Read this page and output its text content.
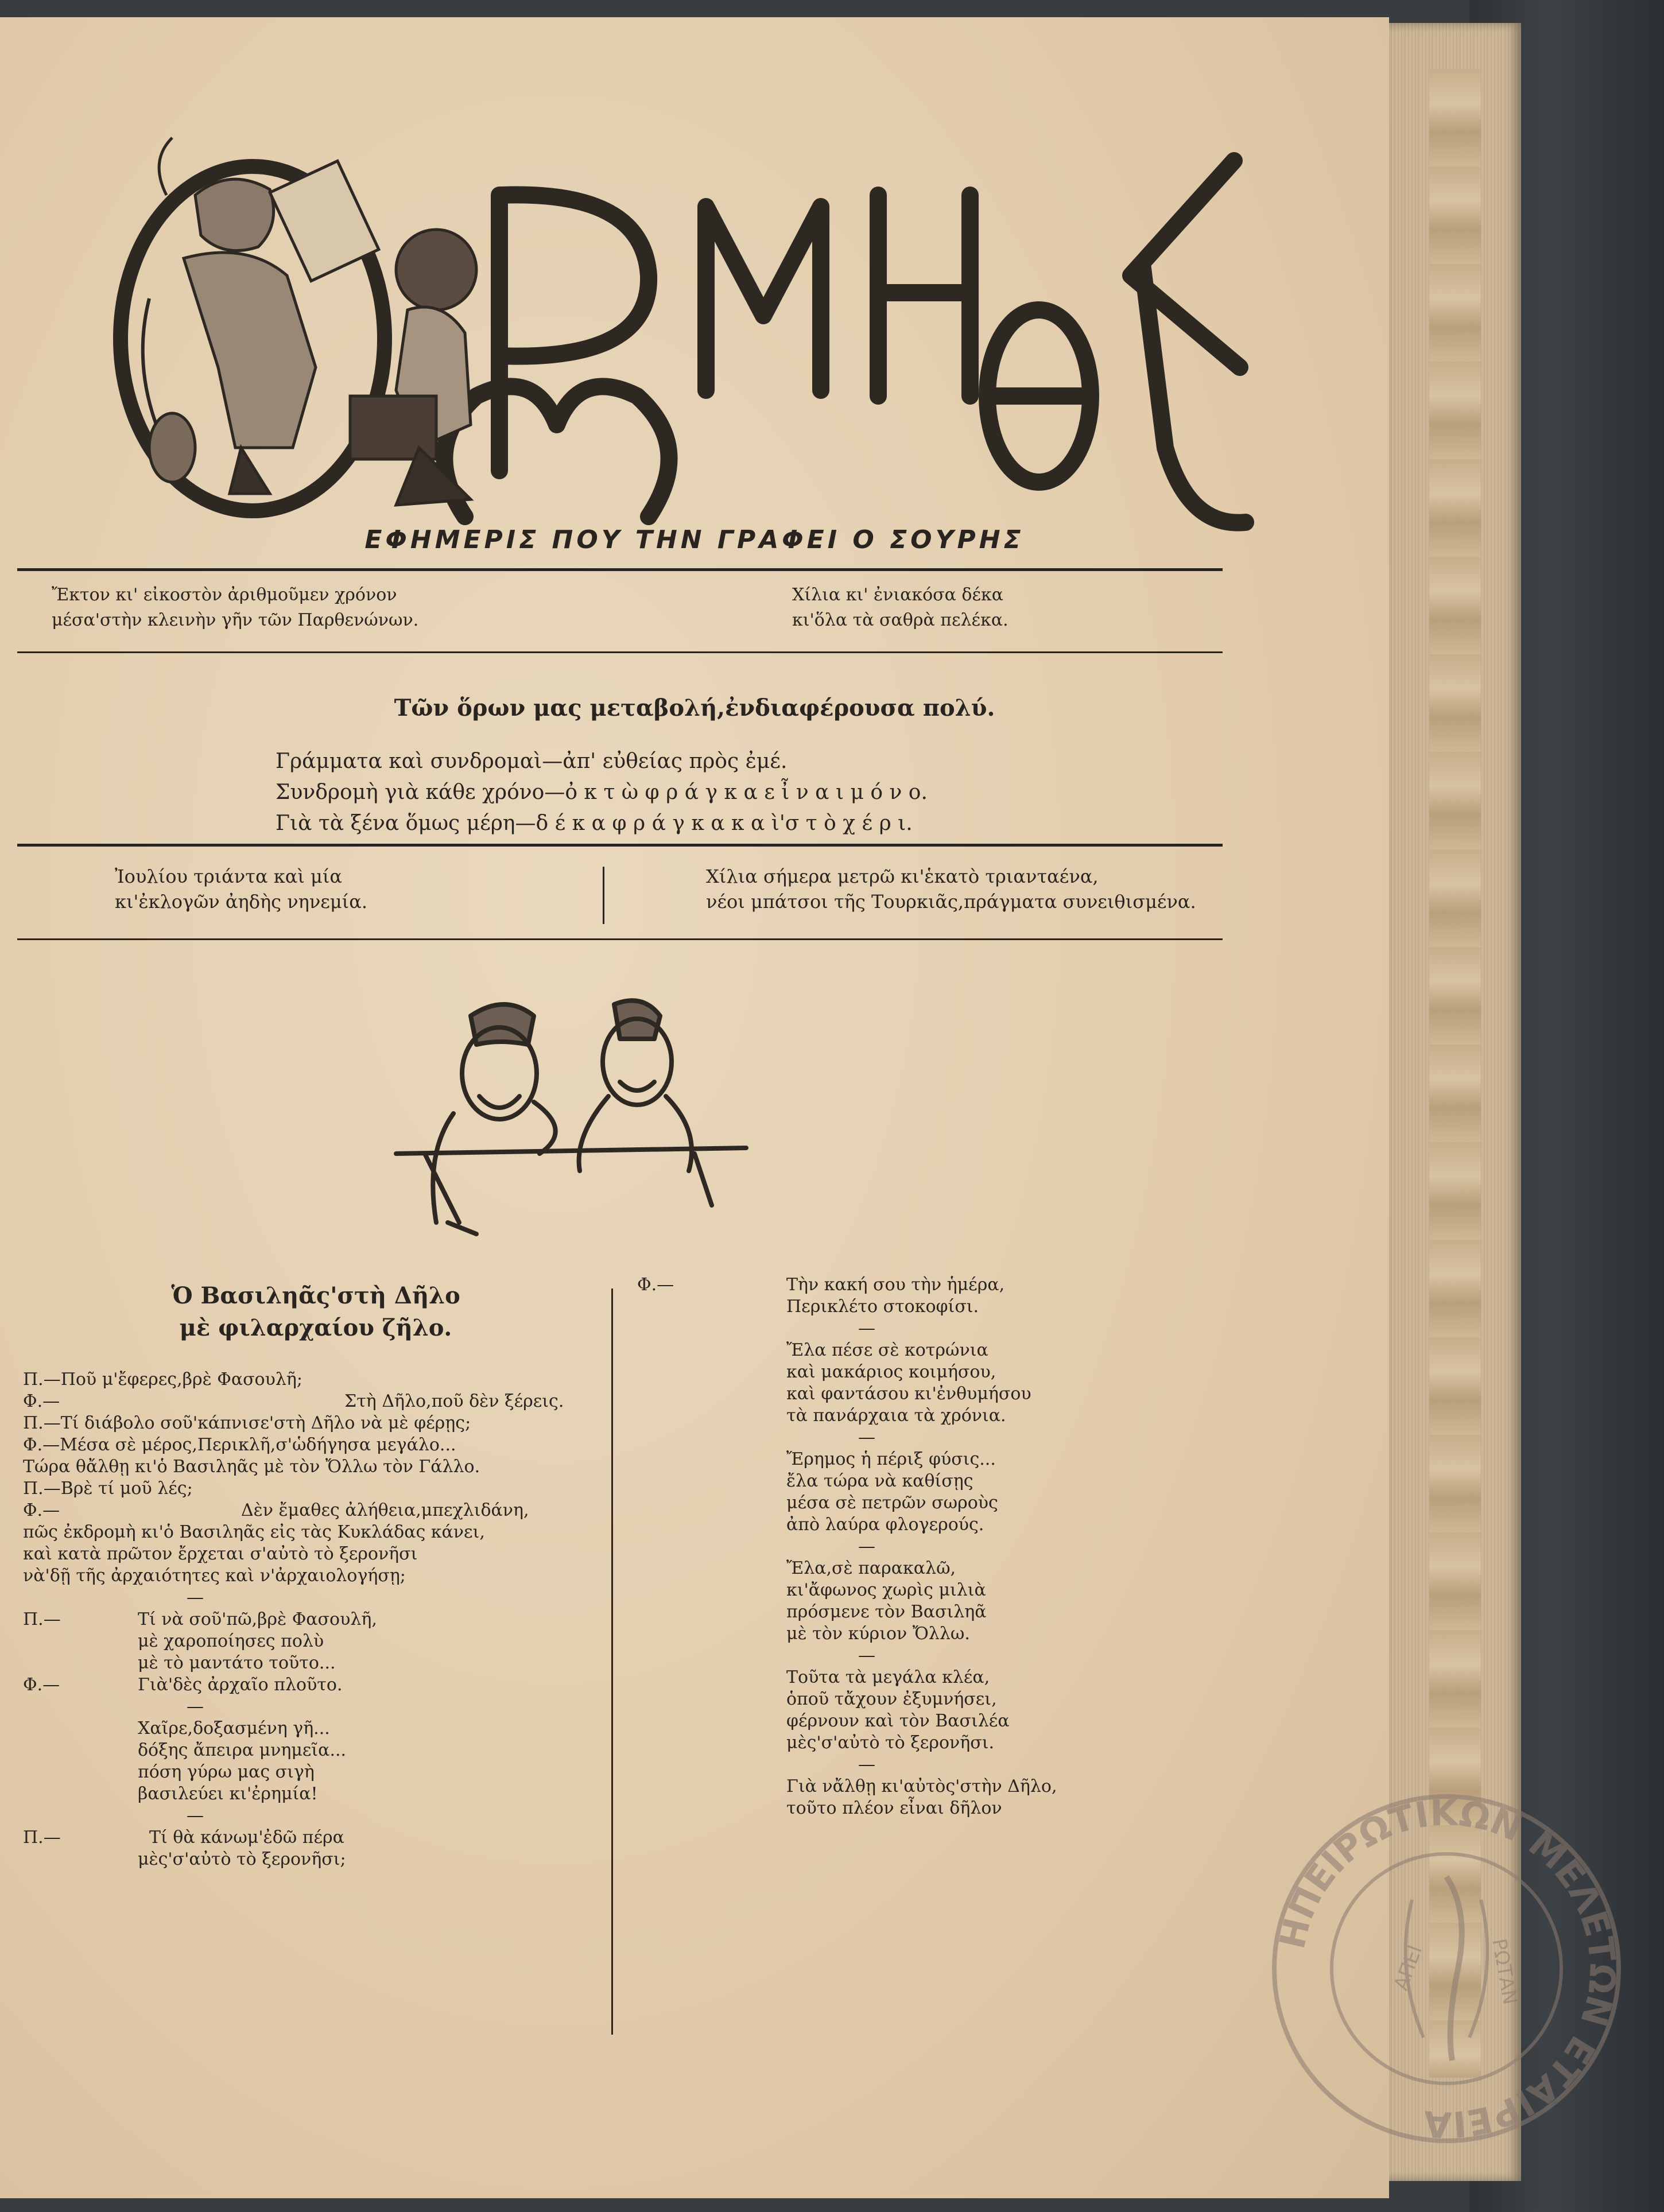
ΕΦΗΜΕΡΙΣ ΠΟΥ ΤΗΝ ΓΡΑΦΕΙ Ο ΣΟΥΡΗΣ
Ἔκτον κι' εἰκοστὸν ἀριθμοῦμεν χρόνον
μέσα'στὴν κλεινὴν γῆν τῶν Παρθενώνων.
Χίλια κι' ἐνιακόσα δέκα
κι'ὅλα τὰ σαθρὰ πελέκα.
Τῶν ὅρων μας μεταβολή,ἐνδιαφέρουσα πολύ.
Γράμματα καὶ συνδρομαὶ—ἀπ' εὐθείας πρὸς ἐμέ.
Συνδρομὴ γιὰ κάθε χρόνο—ὀ κ τ ὼ φ ρ ά γ κ α ε ἶ ν α ι μ ό ν ο.
Γιὰ τὰ ξένα ὅμως μέρη—δ έ κ α φ ρ ά γ κ α κ α ὶ'σ τ ὸ χ έ ρ ι.
Ἰουλίου τριάντα καὶ μία
κι'ἐκλογῶν ἀηδὴς νηνεμία.
Χίλια σήμερα μετρῶ κι'ἑκατὸ τριανταένα,
νέοι μπάτσοι τῆς Τουρκιᾶς,πράγματα συνειθισμένα.
Ὁ Βασιληᾶς'στὴ Δῆλο
μὲ φιλαρχαίου ζῆλο.
Π.—Ποῦ μ'ἔφερες,βρὲ Φασουλῆ;
Φ.—	Στὴ Δῆλο,ποῦ δὲν ξέρεις.
Π.—Τί διάβολο σοῦ'κάπνισε'στὴ Δῆλο νὰ μὲ φέρῃς;
Φ.—Μέσα σὲ μέρος,Περικλῆ,σ'ὡδήγησα μεγάλο...
Τώρα θἄλθῃ κι'ὁ Βασιληᾶς μὲ τὸν Ὄλλω τὸν Γάλλο.
Π.—Βρὲ τί μοῦ λές;
Φ.—	Δὲν ἔμαθες ἀλήθεια,μπεχλιδάνη,
πῶς ἐκδρομὴ κι'ὁ Βασιληᾶς εἰς τὰς Κυκλάδας κάνει,
καὶ κατὰ πρῶτον ἔρχεται σ'αὐτὸ τὸ ξερονῆσι
νὰ'δῇ τῆς ἀρχαιότητες καὶ ν'ἀρχαιολογήσῃ;
—
Π.—	Τί νὰ σοῦ'πῶ,βρὲ Φασουλῆ,
μὲ χαροποίησες πολὺ
μὲ τὸ μαντάτο τοῦτο...
Φ.—	Γιὰ'δὲς ἀρχαῖο πλοῦτο.
—
Χαῖρε,δοξασμένη γῆ...
δόξης ἄπειρα μνημεῖα...
πόση γύρω μας σιγὴ
βασιλεύει κι'ἐρημία!
—
Π.—	Τί θὰ κάνωμ'ἐδῶ πέρα
μὲς'σ'αὐτὸ τὸ ξερονῆσι;
Φ.—	Τὴν κακή σου τὴν ἡμέρα,
Περικλέτο στοκοφίσι.
—
Ἔλα πέσε σὲ κοτρώνια
καὶ μακάριος κοιμήσου,
καὶ φαντάσου κι'ἐνθυμήσου
τὰ πανάρχαια τὰ χρόνια.
—
Ἔρημος ἡ πέριξ φύσις...
ἔλα τώρα νὰ καθίσῃς
μέσα σὲ πετρῶν σωροὺς
ἀπὸ λαύρα φλογερούς.
—
Ἔλα,σὲ παρακαλῶ,
κι'ἄφωνος χωρὶς μιλιὰ
πρόσμενε τὸν Βασιληᾶ
μὲ τὸν κύριον Ὄλλω.
—
Τοῦτα τὰ μεγάλα κλέα,
ὁποῦ τἄχουν ἐξυμνήσει,
φέρνουν καὶ τὸν Βασιλέα
μὲς'σ'αὐτὸ τὸ ξερονῆσι.
—
Γιὰ νἄλθῃ κι'αὐτὸς'στὴν Δῆλο,
τοῦτο πλέον εἶναι δῆλον
ΗΠΕΙΡΩΤΙΚΩΝ ΜΕΛΕΤΩΝ ΕΤΑΙΡΕΙΑ
ΑΠΕΙ	ΡΩΤΑΝ
